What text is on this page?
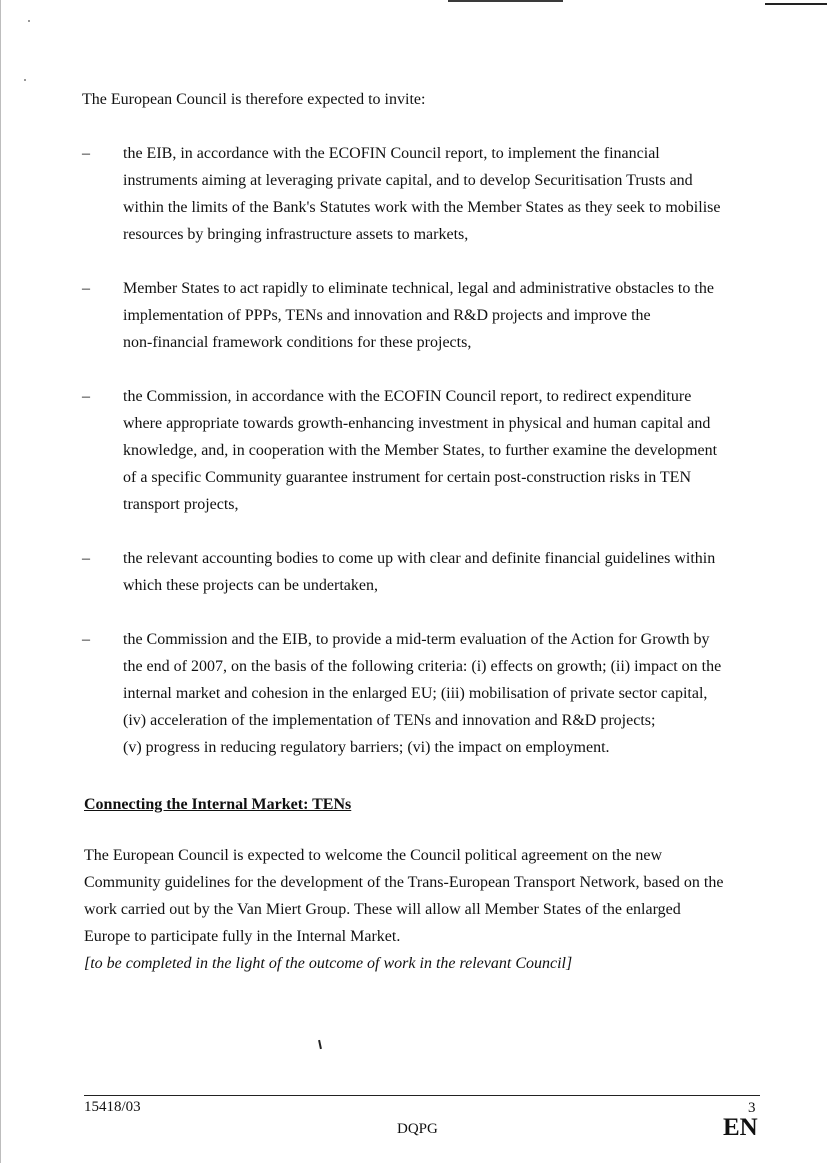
The European Council is therefore expected to invite:

– the EIB, in accordance with the ECOFIN Council report, to implement the financial
instruments aiming at leveraging private capital, and to develop Securitisation Trusts and
within the limits of the Bank's Statutes work with the Member States as they seek to mobilise
resources by bringing infrastructure assets to markets,

– Member States to act rapidly to eliminate technical, legal and administrative obstacles to the
implementation of PPPs, TENs and innovation and R&D projects and improve the
non-financial framework conditions for these projects,

– the Commission, in accordance with the ECOFIN Council report, to redirect expenditure
where appropriate towards growth-enhancing investment in physical and human capital and
knowledge, and, in cooperation with the Member States, to further examine the development
of a specific Community guarantee instrument for certain post-construction risks in TEN
transport projects,

– the relevant accounting bodies to come up with clear and definite financial guidelines within
which these projects can be undertaken,

– the Commission and the EIB, to provide a mid-term evaluation of the Action for Growth by
the end of 2007, on the basis of the following criteria: (i) effects on growth; (ii) impact on the
internal market and cohesion in the enlarged EU; (iii) mobilisation of private sector capital,
(iv) acceleration of the implementation of TENs and innovation and R&D projects;
(v) progress in reducing regulatory barriers; (vi) the impact on employment.

Connecting the Internal Market: TENs

The European Council is expected to welcome the Council political agreement on the new
Community guidelines for the development of the Trans-European Transport Network, based on the
work carried out by the Van Miert Group. These will allow all Member States of the enlarged
Europe to participate fully in the Internal Market.

[to be completed in the light of the outcome of work in the relevant Council]

15418/03
DQPG
3
EN
